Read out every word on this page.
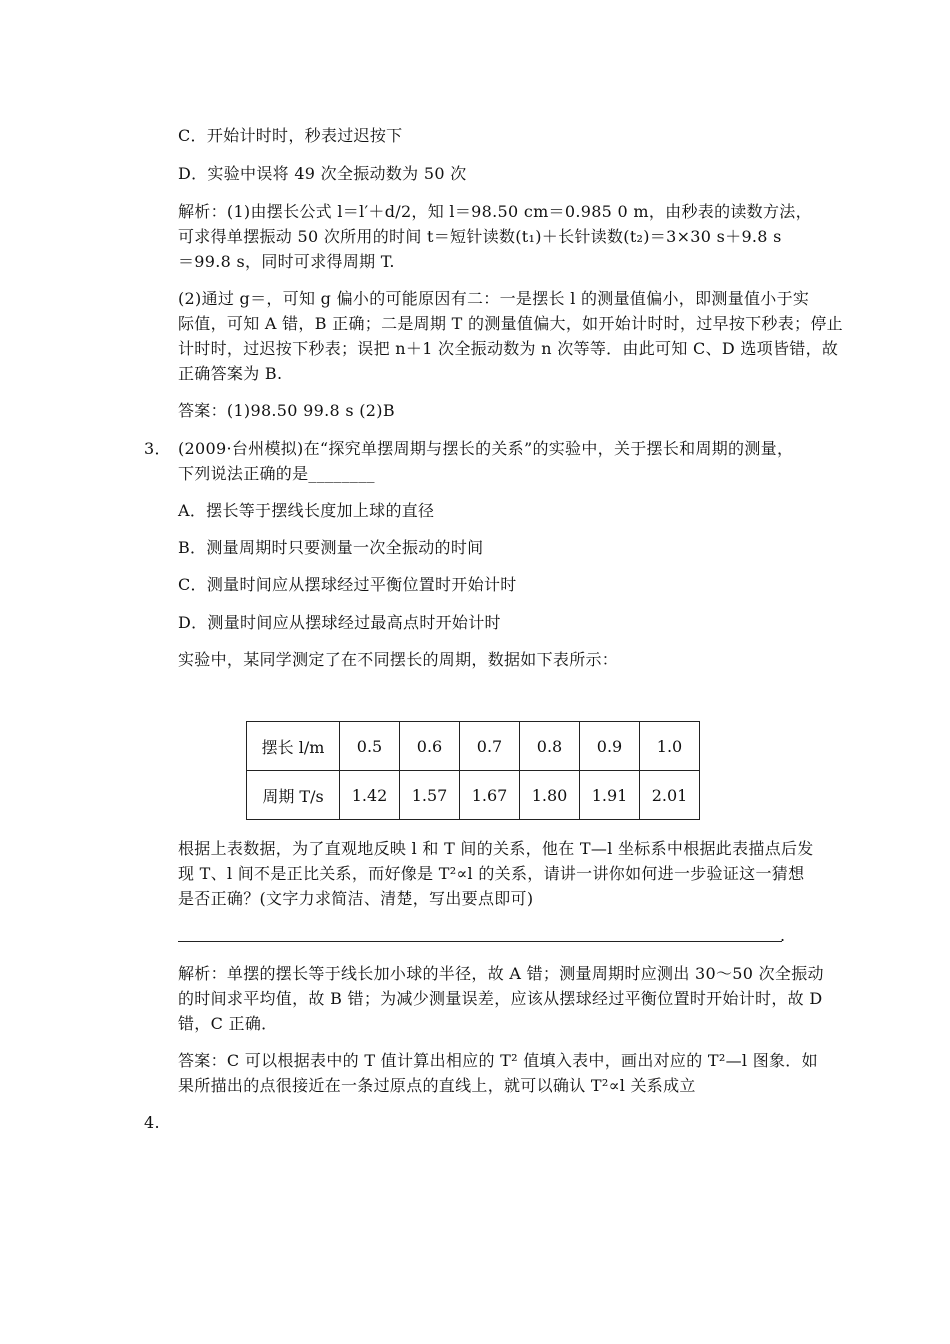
C．开始计时时，秒表过迟按下
D．实验中误将 49 次全振动数为 50 次
解析：(1)由摆长公式 l＝l′＋d/2，知 l＝98.50 cm＝0.985 0 m，由秒表的读数方法，
可求得单摆振动 50 次所用的时间 t＝短针读数(t₁)＋长针读数(t₂)＝3×30 s＋9.8 s
＝99.8 s，同时可求得周期 T.
(2)通过 g＝，可知 g 偏小的可能原因有二：一是摆长 l 的测量值偏小，即测量值小于实
际值，可知 A 错，B 正确；二是周期 T 的测量值偏大，如开始计时时，过早按下秒表；停止
计时时，过迟按下秒表；误把 n＋1 次全振动数为 n 次等等．由此可知 C、D 选项皆错，故
正确答案为 B.
答案：(1)98.50 99.8 s (2)B
3． (2009·台州模拟)在“探究单摆周期与摆长的关系”的实验中，关于摆长和周期的测量，
下列说法正确的是________
A．摆长等于摆线长度加上球的直径
B．测量周期时只要测量一次全振动的时间
C．测量时间应从摆球经过平衡位置时开始计时
D．测量时间应从摆球经过最高点时开始计时
实验中，某同学测定了在不同摆长的周期，数据如下表所示：
摆长 l/m	0.5	0.6	0.7	0.8	0.9	1.0
周期 T/s	1.42	1.57	1.67	1.80	1.91	2.01
根据上表数据，为了直观地反映 l 和 T 间的关系，他在 T—l 坐标系中根据此表描点后发
现 T、l 间不是正比关系，而好像是 T²∝l 的关系，请讲一讲你如何进一步验证这一猜想
是否正确？(文字力求简洁、清楚，写出要点即可)
.
解析：单摆的摆长等于线长加小球的半径，故 A 错；测量周期时应测出 30～50 次全振动
的时间求平均值，故 B 错；为减少测量误差，应该从摆球经过平衡位置时开始计时，故 D
错，C 正确．
答案：C 可以根据表中的 T 值计算出相应的 T² 值填入表中，画出对应的 T²—l 图象．如
果所描出的点很接近在一条过原点的直线上，就可以确认 T²∝l 关系成立
4.
